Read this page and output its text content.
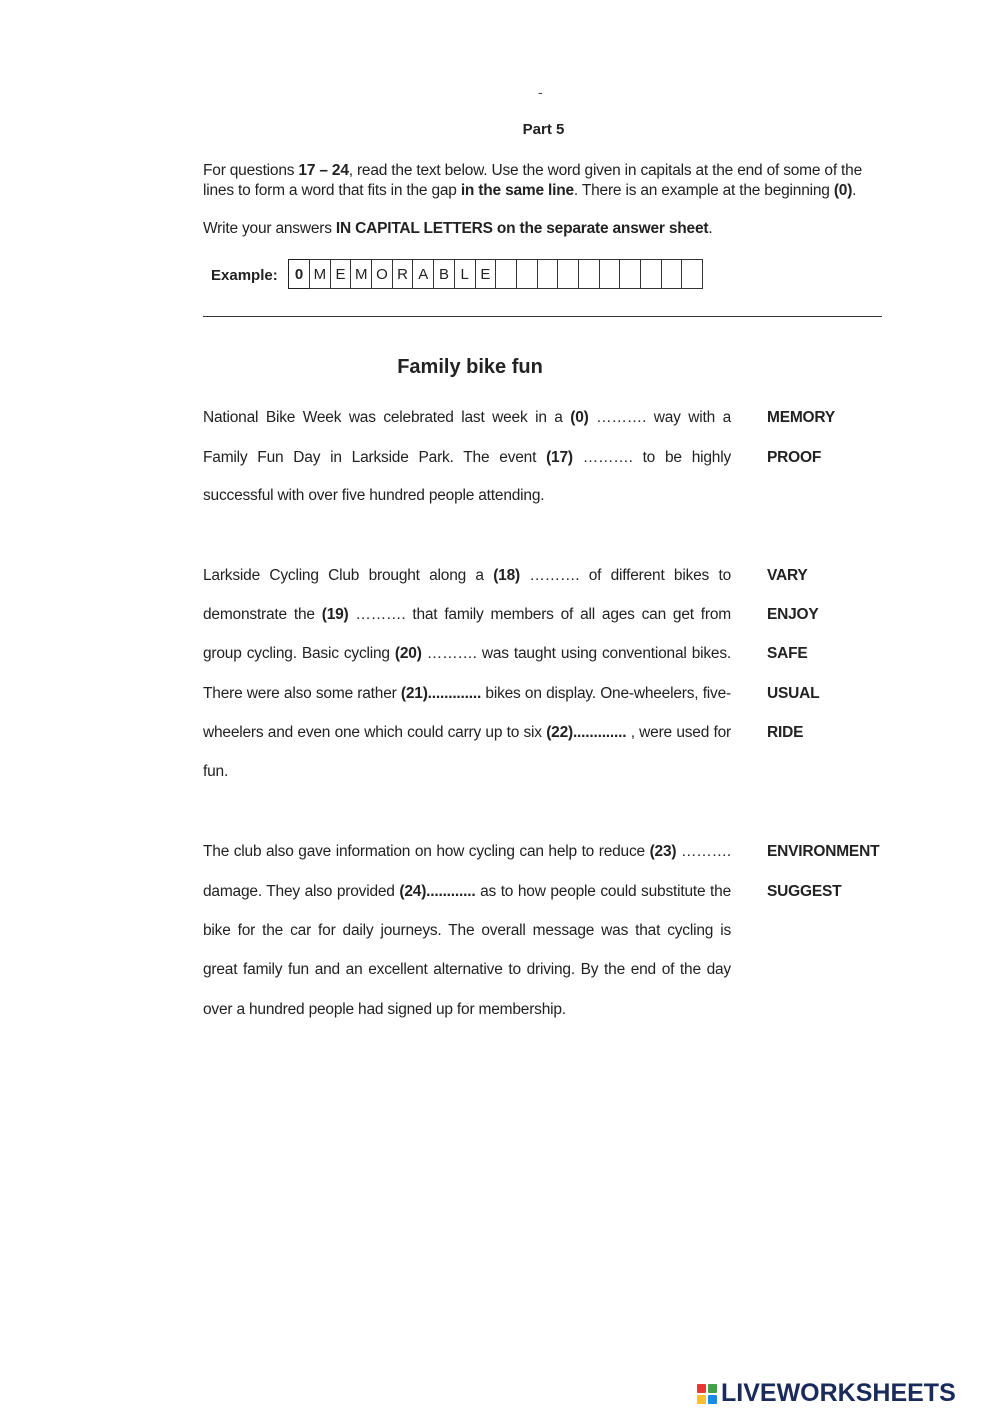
-
Part 5
For questions 17 – 24, read the text below. Use the word given in capitals at the end of some of the lines to form a word that fits in the gap in the same line. There is an example at the beginning (0).
Write your answers IN CAPITAL LETTERS on the separate answer sheet.
Example:	0 M E M O R A B L E
Family bike fun
National Bike Week was celebrated last week in a (0) ………. way with a MEMORY
Family Fun Day in Larkside Park. The event (17) ………. to be highly PROOF
successful with over five hundred people attending.
Larkside Cycling Club brought along a (18) ………. of different bikes to VARY
demonstrate the (19) ………. that family members of all ages can get from ENJOY
group cycling. Basic cycling (20) ………. was taught using conventional bikes. SAFE
There were also some rather (21)............. bikes on display. One-wheelers, five- USUAL
wheelers and even one which could carry up to six (22)............. , were used for RIDE
fun.
The club also gave information on how cycling can help to reduce (23) ………. ENVIRONMENT
damage. They also provided (24)............ as to how people could substitute the SUGGEST
bike for the car for daily journeys. The overall message was that cycling is
great family fun and an excellent alternative to driving. By the end of the day
over a hundred people had signed up for membership.
LIVEWORKSHEETS
